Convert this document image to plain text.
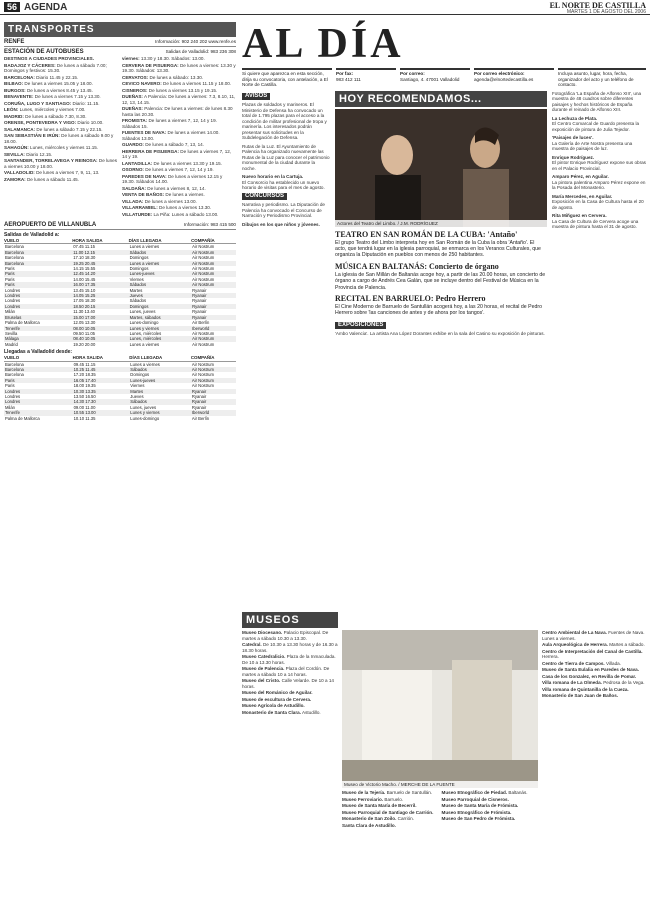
56 AGENDA	EL NORTE DE CASTILLA
MARTES 1 DE AGOSTO DEL 2006
TRANSPORTES
RENFE	Información: 902 240 202 www.renfe.es
ESTACIÓN DE AUTOBUSES	Salidas de Valladolid: 983 236 308

DESTINOS A CIUDADES PROVINCIALES.

BADAJOZ Y CÁCERES: De lunes a sábado 7.00; Domingos y festivos: 15.30.

BARCELONA: Diario 11.45 y 22.15.

BILBAO: De lunes a viernes 15.05 y 18.00.

BURGOS: De lunes a viernes 8.45 y 13.45.

BENAVENTE: De lunes a viernes 7.15 y 13.30.

CORUÑA, LUGO Y SANTIAGO: Diario: 11.15.

LEÓN: Lunes, miércoles y viernes 7.00.

MADRID: De lunes a sábado 7.30, 8.30.

ORENSE, PONTEVEDRA Y VIGO: Diario 10.00.

SALAMANCA: De lunes a sábado 7.15 y 22.15.

SAN SEBASTIÁN E IRÚN: De lunes a sábado 9.00 y 18.00.

SAHAGÚN: Lunes, miércoles y viernes 11.15.

SEVILLA: Diario 12.15.

SANTANDER, TORRELAVEGA Y REINOSA: De lunes a viernes 10.00 y 18.00.

VALLADOLID: De lunes a viernes 7, 9, 11, 13.

ZAMORA: De lunes a sábado 11.45.

viernes: 13.30 y 18.30. Sábados: 13.00.

CERVERA DE PISUERGA: De lunes a viernes: 13.30 y 19.30. Sábados: 13.30.

CERVATOS: De lunes a sábado: 13.30.

CEVICO NAVERO: De lunes a viernes 11.15 y 18.00.

CISNEROS: De lunes a viernes 13.15 y 19.15.

DUEÑAS: A Palencia: De lunes a viernes: 7.3, 8.10, 11, 12, 13, 14.15.

DUEÑAS: Palencia: De lunes a viernes: de lunes 8.30 hasta las 20.30.

FROMISTA: De lunes a viernes 7, 12, 14 y 19. Sábados 15.

FUENTES DE NAVA: De lunes a viernes 14.00. Sábados 13.00.

GUARDO: De lunes a sábado 7, 13, 14.

HERRERA DE PISUERGA: De lunes a viernes 7, 12, 14 y 19.

LANTADILLA: De lunes a viernes 13.30 y 19.15.

OSORNO: De lunes a viernes 7, 12, 14 y 19.

PAREDES DE NAVA: De lunes a viernes 12.15 y 19.30. Sábados 14.00.

SALDAÑA: De lunes a viernes 8, 12, 14.

VENTA DE BAÑOS: De lunes a viernes.

VILLADA: De lunes a viernes 13.00.

VILLARRAMIEL: De lunes a viernes 13.30.

VILLATURDE: La Piña: Lunes a sábado 13.00.

AEROPUERTO DE VILLANUBLA	Información: 983 415 500
Salidas de Valladolid a:
VUELO	HORA SALIDA	DÍAS LLEGADA	COMPAÑÍA
Barcelona	07.45 11.15	Lunes a viernes	Air Nostrum
Barcelona	11.00 12.15	Sábados	Air Nostrum
Barcelona	17.10 18.30	Domingos	Air Nostrum
Barcelona	19.25 20.45	Lunes a viernes	Air Nostrum
Paris	14.15 15.55	Domingos	Air Nostrum
Paris	12.45 14.20	Lunes-jueves	Air Nostrum
Paris	14.00 15.45	Viernes	Air Nostrum
Paris	16.00 17.35	Sábados	Air Nostrum
Londres	13.45 15.10	Martes	Ryanair
Londres	14.05 15.25	Jueves	Ryanair
Londres	17.05 18.30	Sábados	Ryanair
Londres	18.50 20.15	Domingos	Ryanair
Milán	11.30 13.40	Lunes, jueves	Ryanair
Bruselas	15.00 17.00	Martes, sábados	Ryanair
Palma de Mallorca	12.05 13.30	Lunes-domingo	Air Berlín
Tenerife	08.00 10.05	Lunes y viernes	Iberworld
Sevilla	09.50 11.05	Lunes, miércoles	Air Nostrum
Málaga	08.40 10.05	Lunes, miércoles	Air Nostrum
Madrid	19.20 20.00	Lunes a viernes	Air Nostrum
Llegadas a Valladolid desde:
VUELO	HORA SALIDA	DÍAS LLEGADA	COMPAÑÍA
Barcelona	09.45 11.15	Lunes a viernes	Air Nostrum
Barcelona	10.25 11.45	Sábados	Air Nostrum
Barcelona	17.20 18.35	Domingos	Air Nostrum
Paris	16.05 17.40	Lunes-jueves	Air Nostrum
Paris	18.00 19.35	Viernes	Air Nostrum
Londres	10.30 13.35	Martes	Ryanair
Londres	13.50 16.50	Jueves	Ryanair
Londres	14.30 17.30	Sábados	Ryanair
Milán	09.00 11.00	Lunes, jueves	Ryanair
Tenerife	10.55 13.00	Lunes y viernes	Iberworld
Palma de Mallorca	10.10 11.35	Lunes-domingo	Air Berlín
AL DÍA
Si quiere que aparezca en esta sección, dirija su convocatoria, con antelación, a El Norte de Castilla.
Por fax:
983 412 111
Por correo:
Santiago, 4. 47001 Valladolid
Por correo electrónico:
agenda@elnortedecastilla.es
Incluya asunto, lugar, hora, fecha, organizador del acto y un teléfono de contacto.
AVISOS

Plazas de soldados y marineros. El Ministerio de Defensa ha convocado un total de 1.795 plazas para el acceso a la condición de militar profesional de tropa y marinería. Los interesados podrán presentar sus solicitudes en la Subdelegación de Defensa.

Rutas de la Luz. El Ayuntamiento de Palencia ha organizado nuevamente las Rutas de la Luz para conocer el patrimonio monumental de la ciudad durante la noche.

Nuevo horario en la Cartuja.

El Consorcio ha establecido un nuevo horario de visitas para el mes de agosto.

CONCURSOS

Narrativa y periodismo. La Diputación de Palencia ha convocado el Concurso de Narración y Periodismo Provincial.

Dibujos en los que niños y jóvenes.

HOY RECOMENDAMOS...
Actores del Teatro del Limbo. / J.M. RODRÍGUEZ
TEATRO EN SAN ROMÁN DE LA CUBA: 'Antaño'

El grupo Teatro del Limbo interpreta hoy en San Román de la Cuba la obra 'Antaño'. El acto, que tendrá lugar en la iglesia parroquial, se enmarca en los Veranos Culturales, que organiza la Diputación en pueblos con menos de 250 habitantes.

MÚSICA EN BALTANÁS: Concierto de órgano

La iglesia de San Millán de Baltanás acoge hoy, a partir de las 20.00 horas, un concierto de órgano a cargo de Andrés Cea Galán, que se incluye dentro del Festival de Música en la Provincia de Palencia.

RECITAL EN BARRUELO: Pedro Herrero

El Cine Moderno de Barruelo de Santullán acogerá hoy, a las 20 horas, el recital de Pedro Herrero sobre 'las canciones de antes y de ahora por los tangos'.

EXPOSICIONES

'Ambo Valencia'. La artista Ana López Dorantes exhibe en la sala del Casino su exposición de pinturas.

Fotográfica 'La España de Alfonso XIII', una muestra de 48 cuadros sobre diferentes paisajes y hechos históricos de España durante el reinado de Alfonso XIII.

La Lechuza de Plata.

El Centro Comarcal de Guardo presenta la exposición de pintura de Julia Tejedor.

'Paisajes de luces'.

La Galería de Arte Nostra presenta una muestra de paisajes de luz.

Enrique Rodríguez.

El pintor Enrique Rodríguez expone sus obras en el Palacio Provincial.

Amparo Pérez, en Aguilar.

La pintora palentina Amparo Pérez expone en la Posada del Monasterio.

María Mercedes, en Aguilar.

Exposición en la Casa de Cultura hasta el 20 de agosto.

Rita Miñguez en Cervera.

La Casa de Cultura de Cervera acoge una muestra de pintura hasta el 31 de agosto.

MUSEOS

Museo Diocesano. Palacio Episcopal. De martes a sábado 10.30 a 13.30.

Catedral. De 10.30 a 13.30 horas y de 16.30 a 18.30 horas.

Museo Catedralicio. Plaza de la Inmaculada. De 10 a 13.30 horas.

Museo de Palencia. Plaza del Cordón. De martes a sábado 10 a 14 horas.

Museo del Cristo. Calle Velarde. De 10 a 14 horas.

Museo del Románico de Aguilar.

Museo de escultura de Cervera.

Museo Agrícola de Astudillo.

Monasterio de Santa Clara. Astudillo.

Museo de Victorio Macho. / MERCHE DE LA FUENTE

Museo de la Tejería. Barruelo de Santullán.

Museo Ferroviario. Barruelo.

Museo de Santa María de Becerril.

Museo Parroquial de Santiago de Carrión.

Monasterio de San Zoilo. Carrión.

Santa Clara de Astudillo.

Museo Etnográfico de Piedad. Baltanás.

Museo Parroquial de Cisneros.

Museo de Santa María de Frómista.

Museo Etnográfico de Frómista.

Museo de San Pedro de Frómista.

Centro Ambiental de La Nava. Fuentes de Nava. Lunes a viernes.

Aula Arqueológica de Herrera. Martes a sábado.

Centro de Interpretación del Canal de Castilla. Herrera.

Centro de Tierra de Campos. Villada.

Museo de Santa Eulalia en Paredes de Nava.

Casa de los Gonzalez, en Revilla de Pomar.

Villa romana de La Olmeda. Pedrosa de la Vega.

Villa romana de Quintanilla de la Cueza.

Monasterio de San Juan de Baños.
